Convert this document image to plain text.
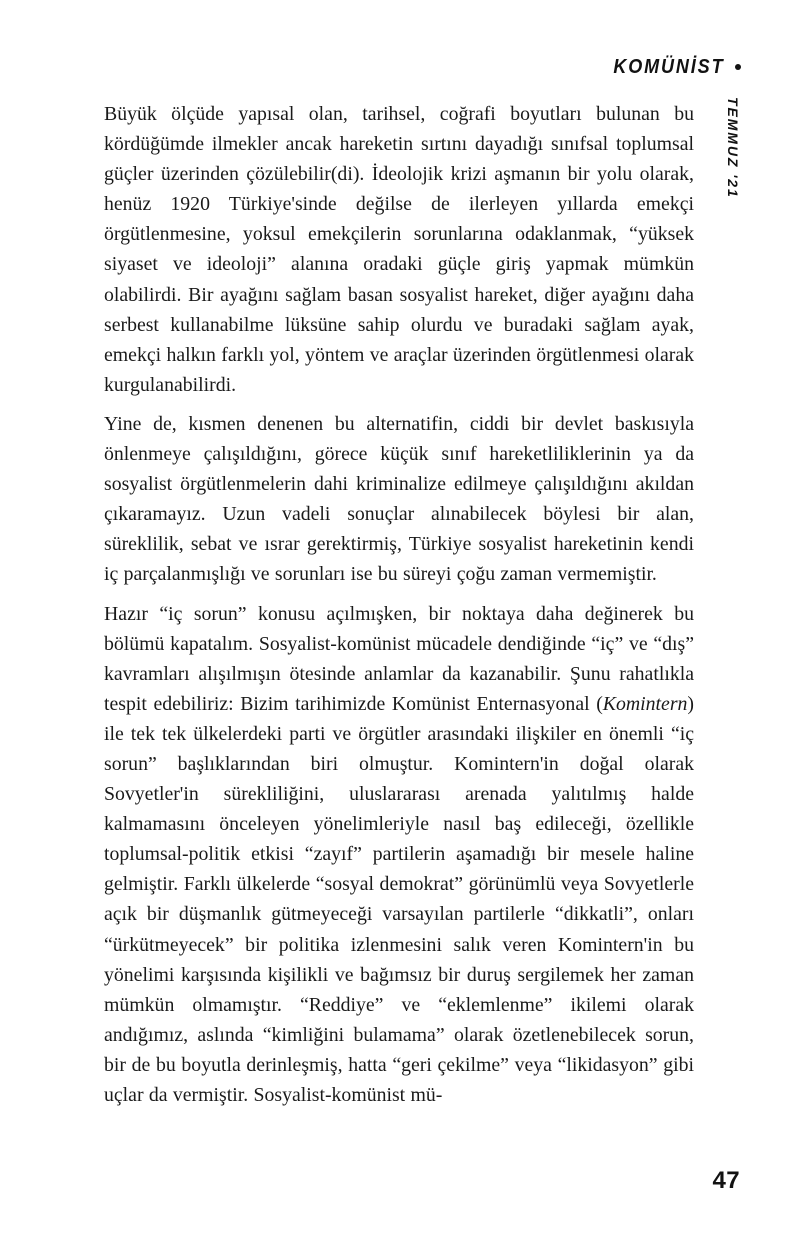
KOMÜNİST
TEMMUZ '21

Büyük ölçüde yapısal olan, tarihsel, coğrafi boyutları bulunan bu kördüğümde ilmekler ancak hareketin sırtını dayadığı sınıfsal toplumsal güçler üzerinden çözülebilir(di). İdeolojik krizi aşmanın bir yolu olarak, henüz 1920 Türkiye'sinde değilse de ilerleyen yıllarda emekçi örgütlenmesine, yoksul emekçilerin sorunlarına odaklanmak, “yüksek siyaset ve ideoloji” alanına oradaki güçle giriş yapmak mümkün olabilirdi. Bir ayağını sağlam basan sosyalist hareket, diğer ayağını daha serbest kullanabilme lüksüne sahip olurdu ve buradaki sağlam ayak, emekçi halkın farklı yol, yöntem ve araçlar üzerinden örgütlenmesi olarak kurgulanabilirdi.

Yine de, kısmen denenen bu alternatifin, ciddi bir devlet baskısıyla önlenmeye çalışıldığını, görece küçük sınıf hareketliliklerinin ya da sosyalist örgütlenmelerin dahi kriminalize edilmeye çalışıldığını akıldan çıkaramayız. Uzun vadeli sonuçlar alınabilecek böylesi bir alan, süreklilik, sebat ve ısrar gerektirmiş, Türkiye sosyalist hareketinin kendi iç parçalanmışlığı ve sorunları ise bu süreyi çoğu zaman vermemiştir.

Hazır “iç sorun” konusu açılmışken, bir noktaya daha değinerek bu bölümü kapatalım. Sosyalist-komünist mücadele dendiğinde “iç” ve “dış” kavramları alışılmışın ötesinde anlamlar da kazanabilir. Şunu rahatlıkla tespit edebiliriz: Bizim tarihimizde Komünist Enternasyonal (Komintern) ile tek tek ülkelerdeki parti ve örgütler arasındaki ilişkiler en önemli “iç sorun” başlıklarından biri olmuştur. Komintern'in doğal olarak Sovyetler'in sürekliliğini, uluslararası arenada yalıtılmış halde kalmamasını önceleyen yönelimleriyle nasıl baş edileceği, özellikle toplumsal-politik etkisi “zayıf” partilerin aşamadığı bir mesele haline gelmiştir. Farklı ülkelerde “sosyal demokrat” görünümlü veya Sovyetlerle açık bir düşmanlık gütmeyeceği varsayılan partilerle “dikkatli”, onları “ürkütmeyecek” bir politika izlenmesini salık veren Komintern'in bu yönelimi karşısında kişilikli ve bağımsız bir duruş sergilemek her zaman mümkün olmamıştır. “Reddiye” ve “eklemlenme” ikilemi olarak andığımız, aslında “kimliğini bulamama” olarak özetlenebilecek sorun, bir de bu boyutla derinleşmiş, hatta “geri çekilme” veya “likidasyon” gibi uçlar da vermiştir. Sosyalist-komünist mü-

47
